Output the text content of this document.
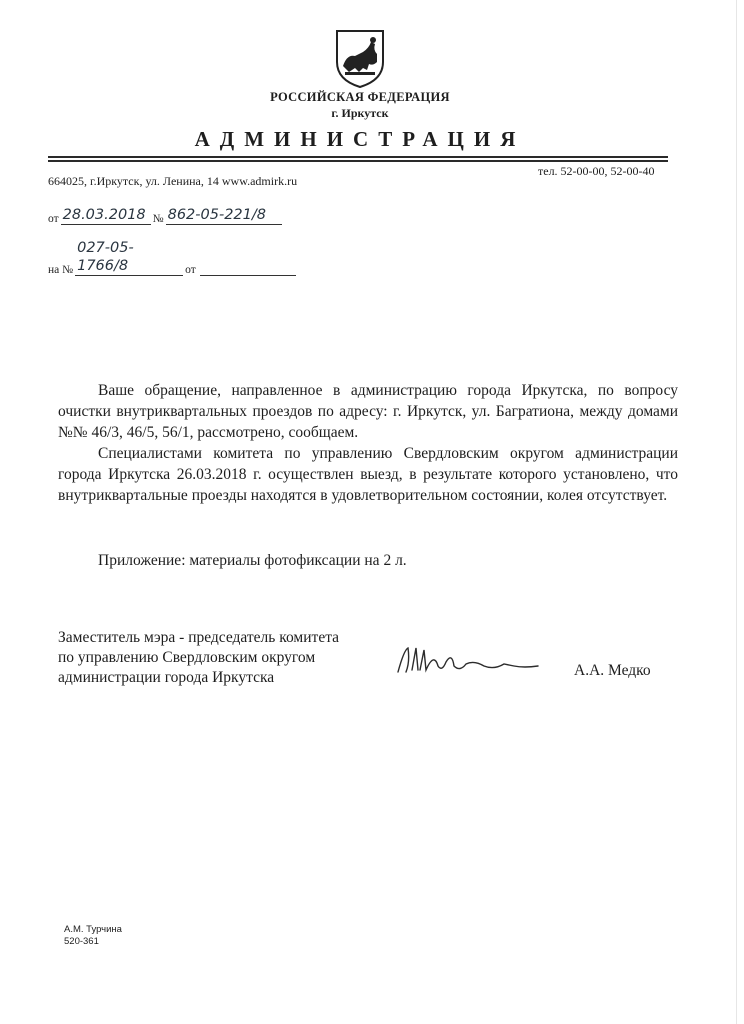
РОССИЙСКАЯ ФЕДЕРАЦИЯ
г. Иркутск
АДМИНИСТРАЦИЯ
664025, г.Иркутск, ул. Ленина, 14 www.admirk.ru
тел. 52-00-00, 52-00-40
от 28.03.2018 № 862-05-221/8
на №
027-05-1766/8	от

Ваше обращение, направленное в администрацию города Иркутска, по вопросу очистки внутриквартальных проездов по адресу: г. Иркутск, ул. Багратиона, между домами №№ 46/3, 46/5, 56/1, рассмотрено, сообщаем.

Специалистами комитета по управлению Свердловским округом администрации города Иркутска 26.03.2018 г. осуществлен выезд, в результате которого установлено, что внутриквартальные проезды находятся в удовлетворительном состоянии, колея отсутствует.

Приложение: материалы фотофиксации на 2 л.
Заместитель мэра - председатель комитета
по управлению Свердловским округом
администрации города Иркутска	А.А. Медко
А.М. Турчина
520-361
